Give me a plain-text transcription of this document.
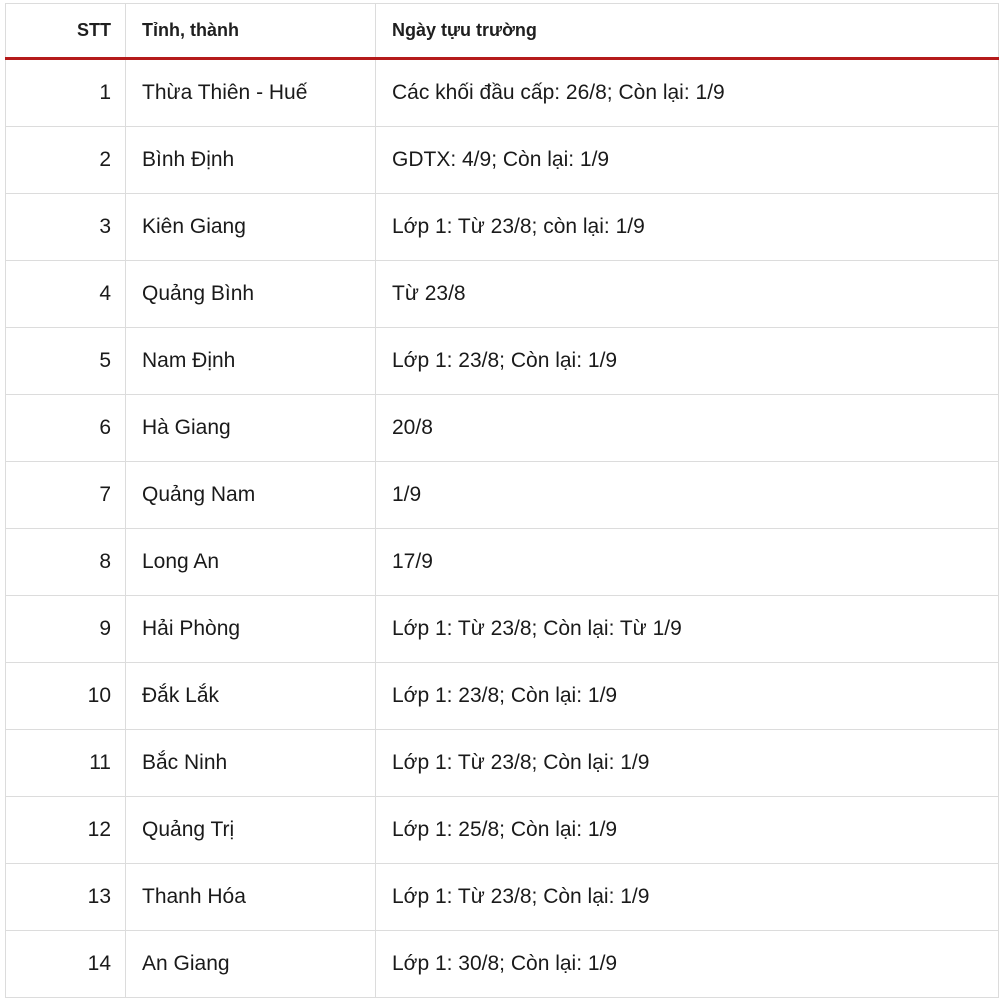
STT	Tỉnh, thành	Ngày tựu trường
1	Thừa Thiên - Huế	Các khối đầu cấp: 26/8; Còn lại: 1/9
2	Bình Định	GDTX: 4/9; Còn lại: 1/9
3	Kiên Giang	Lớp 1: Từ 23/8; còn lại: 1/9
4	Quảng Bình	Từ 23/8
5	Nam Định	Lớp 1: 23/8; Còn lại: 1/9
6	Hà Giang	20/8
7	Quảng Nam	1/9
8	Long An	17/9
9	Hải Phòng	Lớp 1: Từ 23/8; Còn lại: Từ 1/9
10	Đắk Lắk	Lớp 1: 23/8; Còn lại: 1/9
11	Bắc Ninh	Lớp 1: Từ 23/8; Còn lại: 1/9
12	Quảng Trị	Lớp 1: 25/8; Còn lại: 1/9
13	Thanh Hóa	Lớp 1: Từ 23/8; Còn lại: 1/9
14	An Giang	Lớp 1: 30/8; Còn lại: 1/9
